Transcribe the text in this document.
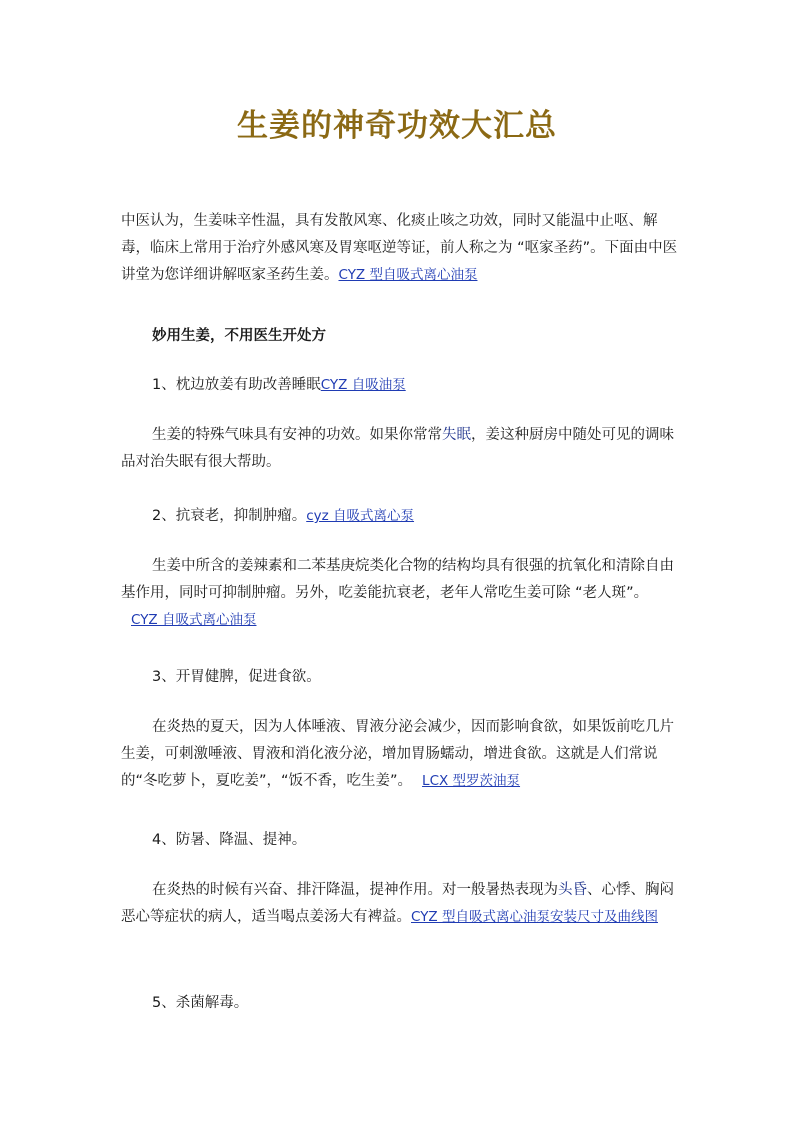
生姜的神奇功效大汇总

中医认为，生姜味辛性温，具有发散风寒、化痰止咳之功效，同时又能温中止呕、解毒，临床上常用于治疗外感风寒及胃寒呕逆等证，前人称之为 “呕家圣药”。下面由中医讲堂为您详细讲解呕家圣药生姜。CYZ 型自吸式离心油泵

妙用生姜，不用医生开处方

1、枕边放姜有助改善睡眠CYZ 自吸油泵

生姜的特殊气味具有安神的功效。如果你常常失眠，姜这种厨房中随处可见的调味品对治失眠有很大帮助。

2、抗衰老，抑制肿瘤。cyz 自吸式离心泵

生姜中所含的姜辣素和二苯基庚烷类化合物的结构均具有很强的抗氧化和清除自由基作用，同时可抑制肿瘤。另外，吃姜能抗衰老，老年人常吃生姜可除 “老人斑”。CYZ 自吸式离心油泵

3、开胃健脾，促进食欲。

在炎热的夏天，因为人体唾液、胃液分泌会减少，因而影响食欲，如果饭前吃几片生姜，可刺激唾液、胃液和消化液分泌，增加胃肠蠕动，增进食欲。这就是人们常说的“冬吃萝卜，夏吃姜”，“饭不香，吃生姜”。 LCX 型罗茨油泵

4、防暑、降温、提神。

在炎热的时候有兴奋、排汗降温，提神作用。对一般暑热表现为头昏、心悸、胸闷恶心等症状的病人，适当喝点姜汤大有裨益。CYZ 型自吸式离心油泵安装尺寸及曲线图

5、杀菌解毒。
